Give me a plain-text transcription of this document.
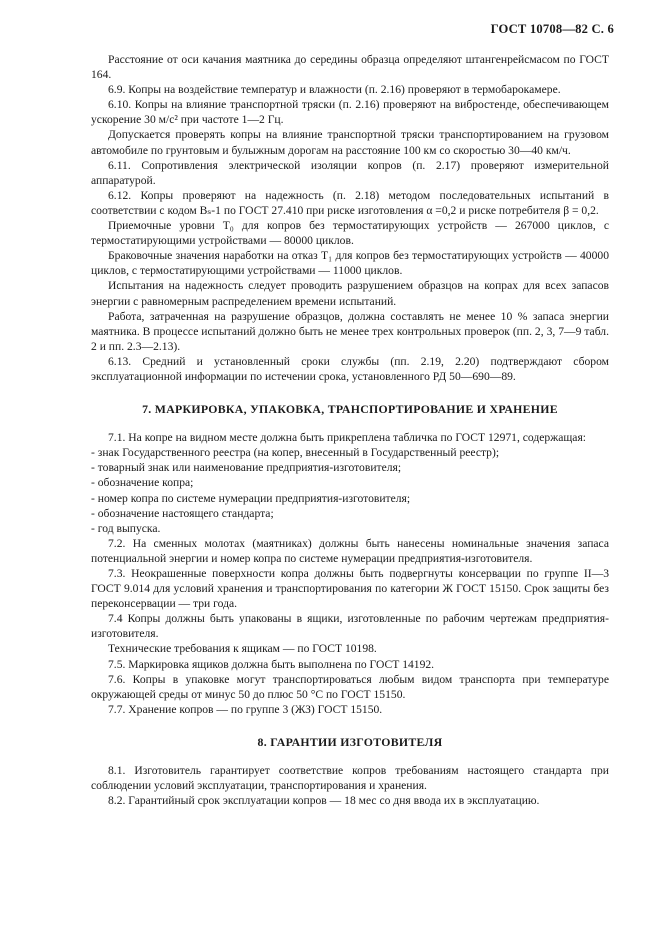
ГОСТ 10708—82 С. 6

Расстояние от оси качания маятника до середины образца определяют штангенрейсмасом по ГОСТ 164.

6.9. Копры на воздействие температур и влажности (п. 2.16) проверяют в термобарокамере.

6.10. Копры на влияние транспортной тряски (п. 2.16) проверяют на вибростенде, обеспечивающем ускорение 30 м/с² при частоте 1—2 Гц.

Допускается проверять копры на влияние транспортной тряски транспортированием на грузовом автомобиле по грунтовым и булыжным дорогам на расстояние 100 км со скоростью 30—40 км/ч.

6.11. Сопротивления электрической изоляции копров (п. 2.17) проверяют измерительной аппаратурой.

6.12. Копры проверяют на надежность (п. 2.18) методом последовательных испытаний в соответствии с кодом Вₛ-1 по ГОСТ 27.410 при риске изготовления α =0,2 и риске потребителя β = 0,2.

Приемочные уровни T₀ для копров без термостатирующих устройств — 267000 циклов, с термостатирующими устройствами — 80000 циклов.

Браковочные значения наработки на отказ T₁ для копров без термостатирующих устройств — 40000 циклов, с термостатирующими устройствами — 11000 циклов.

Испытания на надежность следует проводить разрушением образцов на копрах для всех запасов энергии с равномерным распределением времени испытаний.

Работа, затраченная на разрушение образцов, должна составлять не менее 10 % запаса энергии маятника. В процессе испытаний должно быть не менее трех контрольных проверок (пп. 2, 3, 7—9 табл. 2 и пп. 2.3—2.13).

6.13. Средний и установленный сроки службы (пп. 2.19, 2.20) подтверждают сбором эксплуатационной информации по истечении срока, установленного РД 50—690—89.

7. МАРКИРОВКА, УПАКОВКА, ТРАНСПОРТИРОВАНИЕ И ХРАНЕНИЕ

7.1. На копре на видном месте должна быть прикреплена табличка по ГОСТ 12971, содержащая:

- знак Государственного реестра (на копер, внесенный в Государственный реестр);

- товарный знак или наименование предприятия-изготовителя;

- обозначение копра;

- номер копра по системе нумерации предприятия-изготовителя;

- обозначение настоящего стандарта;

- год выпуска.

7.2. На сменных молотах (маятниках) должны быть нанесены номинальные значения запаса потенциальной энергии и номер копра по системе нумерации предприятия-изготовителя.

7.3. Неокрашенные поверхности копра должны быть подвергнуты консервации по группе II—3 ГОСТ 9.014 для условий хранения и транспортирования по категории Ж ГОСТ 15150. Срок защиты без переконсервации — три года.

7.4 Копры должны быть упакованы в ящики, изготовленные по рабочим чертежам предприятия-изготовителя.

Технические требования к ящикам — по ГОСТ 10198.

7.5. Маркировка ящиков должна быть выполнена по ГОСТ 14192.

7.6. Копры в упаковке могут транспортироваться любым видом транспорта при температуре окружающей среды от минус 50 до плюс 50 °С по ГОСТ 15150.

7.7. Хранение копров — по группе 3 (ЖЗ) ГОСТ 15150.

8. ГАРАНТИИ ИЗГОТОВИТЕЛЯ

8.1. Изготовитель гарантирует соответствие копров требованиям настоящего стандарта при соблюдении условий эксплуатации, транспортирования и хранения.

8.2. Гарантийный срок эксплуатации копров — 18 мес со дня ввода их в эксплуатацию.
